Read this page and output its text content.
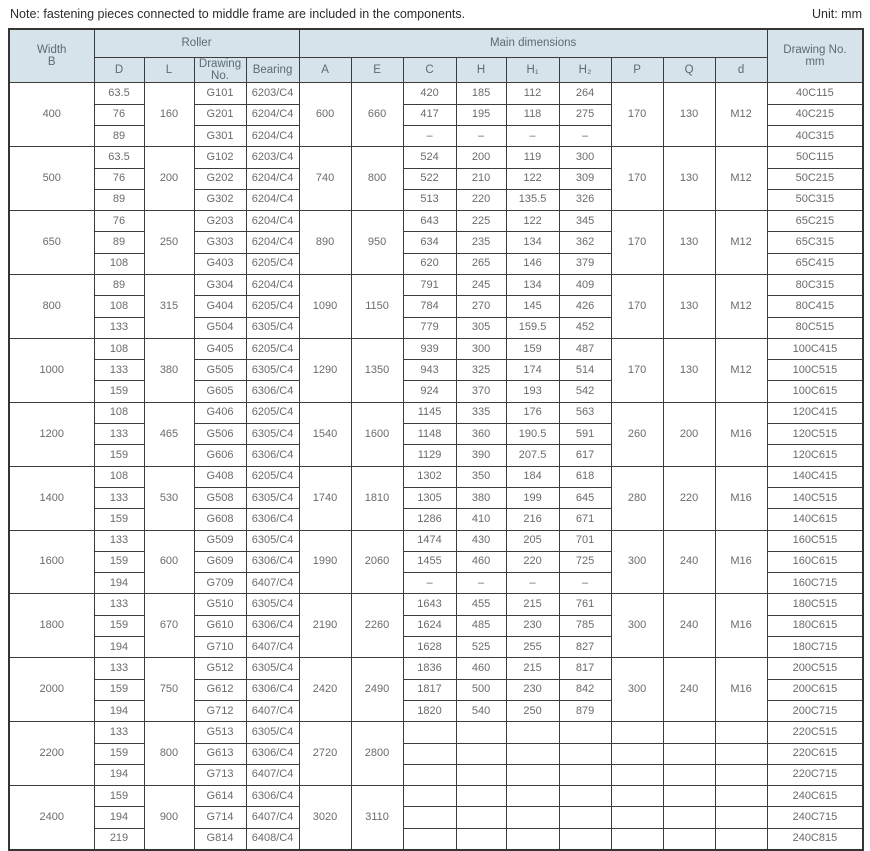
Note: fastening pieces connected to middle frame are included in the components.	Unit: mm
Width
B	Roller				Main dimensions									Drawing No.
mm

	D	L	Drawing No.	Bearing	A	E	C	H	H₁	H₂	P	Q	d	
400	63.5	160	G101	6203/C4	600	660	420	185	112	264	170	130	M12	40C115
	76		G201	6204/C4			417	195	118	275				40C215
	89		G301	6204/C4			–	–	–	–				40C315
500	63.5	200	G102	6203/C4	740	800	524	200	119	300	170	130	M12	50C115
	76		G202	6204/C4			522	210	122	309				50C215
	89		G302	6204/C4			513	220	135.5	326				50C315
650	76	250	G203	6204/C4	890	950	643	225	122	345	170	130	M12	65C215
	89		G303	6204/C4			634	235	134	362				65C315
	108		G403	6205/C4			620	265	146	379				65C415
800	89	315	G304	6204/C4	1090	1150	791	245	134	409	170	130	M12	80C315
	108		G404	6205/C4			784	270	145	426				80C415
	133		G504	6305/C4			779	305	159.5	452				80C515
1000	108	380	G405	6205/C4	1290	1350	939	300	159	487	170	130	M12	100C415
	133		G505	6305/C4			943	325	174	514				100C515
	159		G605	6306/C4			924	370	193	542				100C615
1200	108	465	G406	6205/C4	1540	1600	1145	335	176	563	260	200	M16	120C415
	133		G506	6305/C4			1148	360	190.5	591				120C515
	159		G606	6306/C4			1129	390	207.5	617				120C615
1400	108	530	G408	6205/C4	1740	1810	1302	350	184	618	280	220	M16	140C415
	133		G508	6305/C4			1305	380	199	645				140C515
	159		G608	6306/C4			1286	410	216	671				140C615
1600	133	600	G509	6305/C4	1990	2060	1474	430	205	701	300	240	M16	160C515
	159		G609	6306/C4			1455	460	220	725				160C615
	194		G709	6407/C4			–	–	–	–				160C715
1800	133	670	G510	6305/C4	2190	2260	1643	455	215	761	300	240	M16	180C515
	159		G610	6306/C4			1624	485	230	785				180C615
	194		G710	6407/C4			1628	525	255	827				180C715
2000	133	750	G512	6305/C4	2420	2490	1836	460	215	817	300	240	M16	200C515
	159		G612	6306/C4			1817	500	230	842				200C615
	194		G712	6407/C4			1820	540	250	879				200C715
2200	133	800	G513	6305/C4	2720	2800								220C515
	159		G613	6306/C4										220C615
	194		G713	6407/C4										220C715
2400	159	900	G614	6306/C4	3020	3110								240C615
	194		G714	6407/C4										240C715
	219		G814	6408/C4										240C815
